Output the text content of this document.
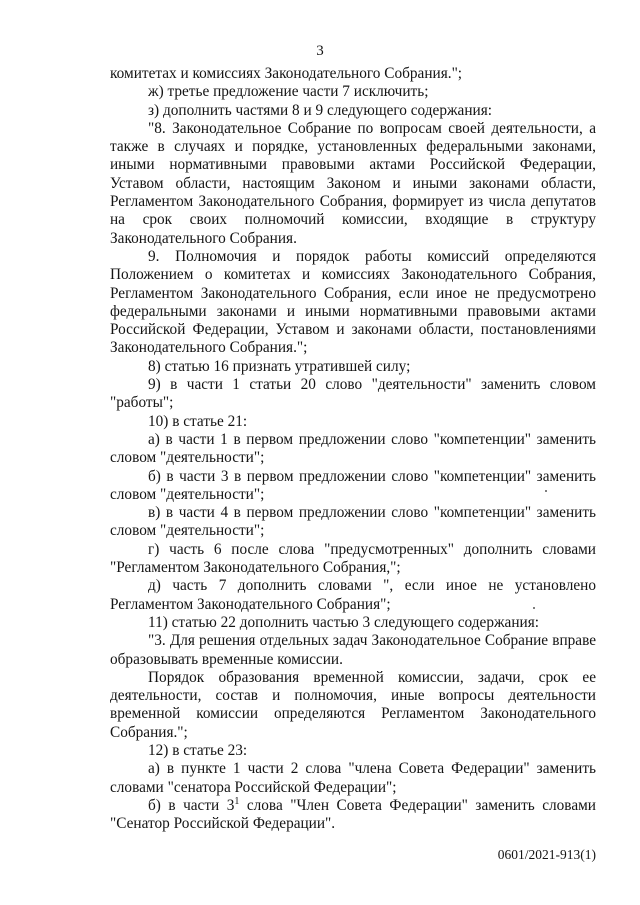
3

комитетах и комиссиях Законодательного Собрания.";

ж) третье предложение части 7 исключить;

з) дополнить частями 8 и 9 следующего содержания:

"8. Законодательное Собрание по вопросам своей деятельности, а также в случаях и порядке, установленных федеральными законами, иными нормативными правовыми актами Российской Федерации, Уставом области, настоящим Законом и иными законами области, Регламентом Законодательного Собрания, формирует из числа депутатов на срок своих полномочий комиссии, входящие в структуру Законодательного Собрания.

9. Полномочия и порядок работы комиссий определяются Положением о комитетах и комиссиях Законодательного Собрания, Регламентом Законодательного Собрания, если иное не предусмотрено федеральными законами и иными нормативными правовыми актами Российской Федерации, Уставом и законами области, постановлениями Законодательного Собрания.";

8) статью 16 признать утратившей силу;

9) в части 1 статьи 20 слово "деятельности" заменить словом "работы";

10) в статье 21:

а) в части 1 в первом предложении слово "компетенции" заменить словом "деятельности";

б) в части 3 в первом предложении слово "компетенции" заменить словом "деятельности";

в) в части 4 в первом предложении слово "компетенции" заменить словом "деятельности";

г) часть 6 после слова "предусмотренных" дополнить словами "Регламентом Законодательного Собрания,";

д) часть 7 дополнить словами ", если иное не установлено Регламентом Законодательного Собрания";

11) статью 22 дополнить частью 3 следующего содержания:

"3. Для решения отдельных задач Законодательное Собрание вправе образовывать временные комиссии.

Порядок образования временной комиссии, задачи, срок ее деятельности, состав и полномочия, иные вопросы деятельности временной комиссии определяются Регламентом Законодательного Собрания.";

12) в статье 23:

а) в пункте 1 части 2 слова "члена Совета Федерации" заменить словами "сенатора Российской Федерации";

б) в части $3^1$ слова "Член Совета Федерации" заменить словами "Сенатор Российской Федерации".

0601/2021-913(1)
